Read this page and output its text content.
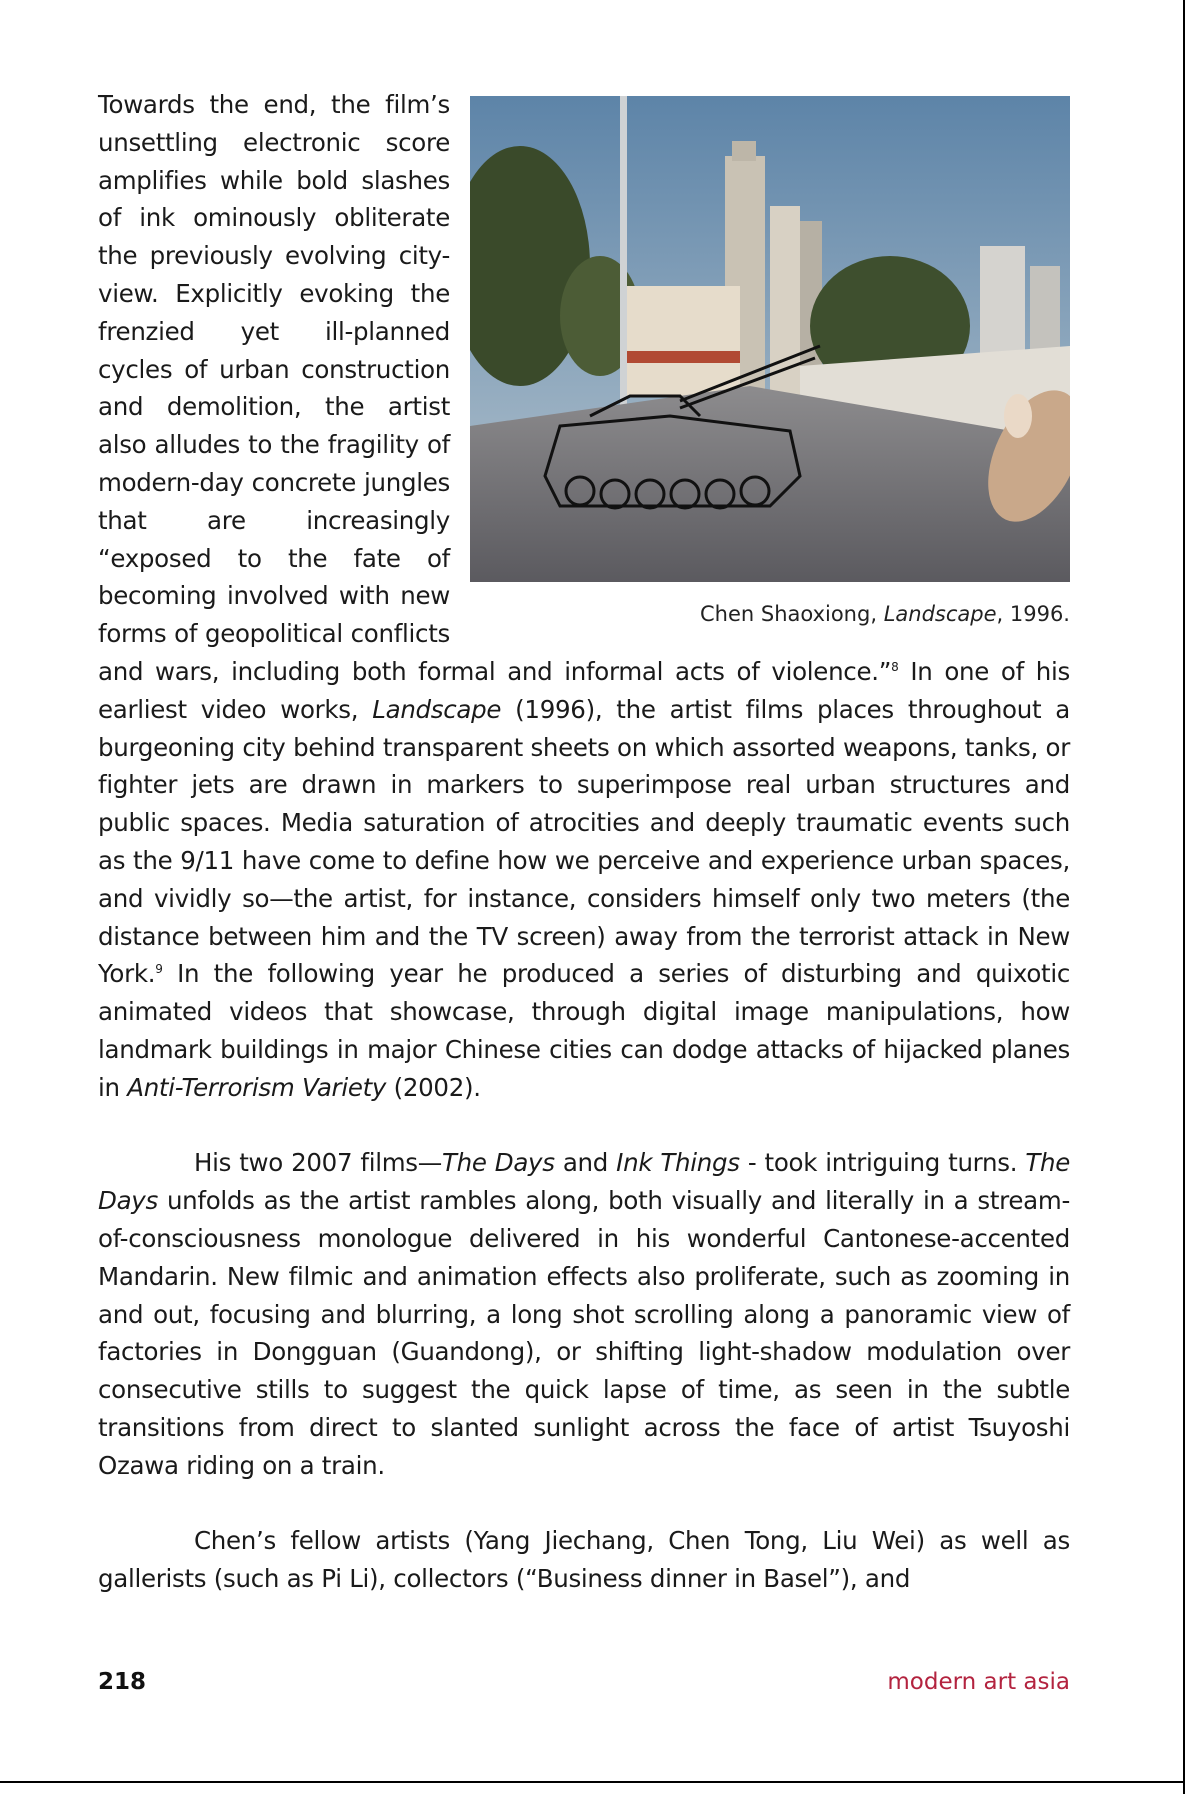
Chen Shaoxiong, Landscape, 1996.

Towards the end, the film’s unsettling electronic score amplifies while bold slashes of ink ominously obliterate the previously evolving city-view. Explicitly evoking the frenzied yet ill-planned cycles of urban construction and demolition, the artist also alludes to the fragility of modern-day concrete jungles that are increasingly “exposed to the fate of becoming involved with new forms of geopolitical conflicts and wars, including both formal and informal acts of violence.”$^8$ In one of his earliest video works, Landscape (1996), the artist films places throughout a burgeoning city behind transparent sheets on which assorted weapons, tanks, or fighter jets are drawn in markers to superimpose real urban structures and public spaces. Media saturation of atrocities and deeply traumatic events such as the 9/11 have come to define how we perceive and experience urban spaces, and vividly so—the artist, for instance, considers himself only two meters (the distance between him and the TV screen) away from the terrorist attack in New York.$^9$ In the following year he produced a series of disturbing and quixotic animated videos that showcase, through digital image manipulations, how landmark buildings in major Chinese cities can dodge attacks of hijacked planes in Anti-Terrorism Variety (2002).

His two 2007 films—The Days and Ink Things - took intriguing turns. The Days unfolds as the artist rambles along, both visually and literally in a stream-of-consciousness monologue delivered in his wonderful Cantonese-accented Mandarin. New filmic and animation effects also proliferate, such as zooming in and out, focusing and blurring, a long shot scrolling along a panoramic view of factories in Dongguan (Guandong), or shifting light-shadow modulation over consecutive stills to suggest the quick lapse of time, as seen in the subtle transitions from direct to slanted sunlight across the face of artist Tsuyoshi Ozawa riding on a train.

Chen’s fellow artists (Yang Jiechang, Chen Tong, Liu Wei) as well as gallerists (such as Pi Li), collectors (“Business dinner in Basel”), and

218	modern art asia
